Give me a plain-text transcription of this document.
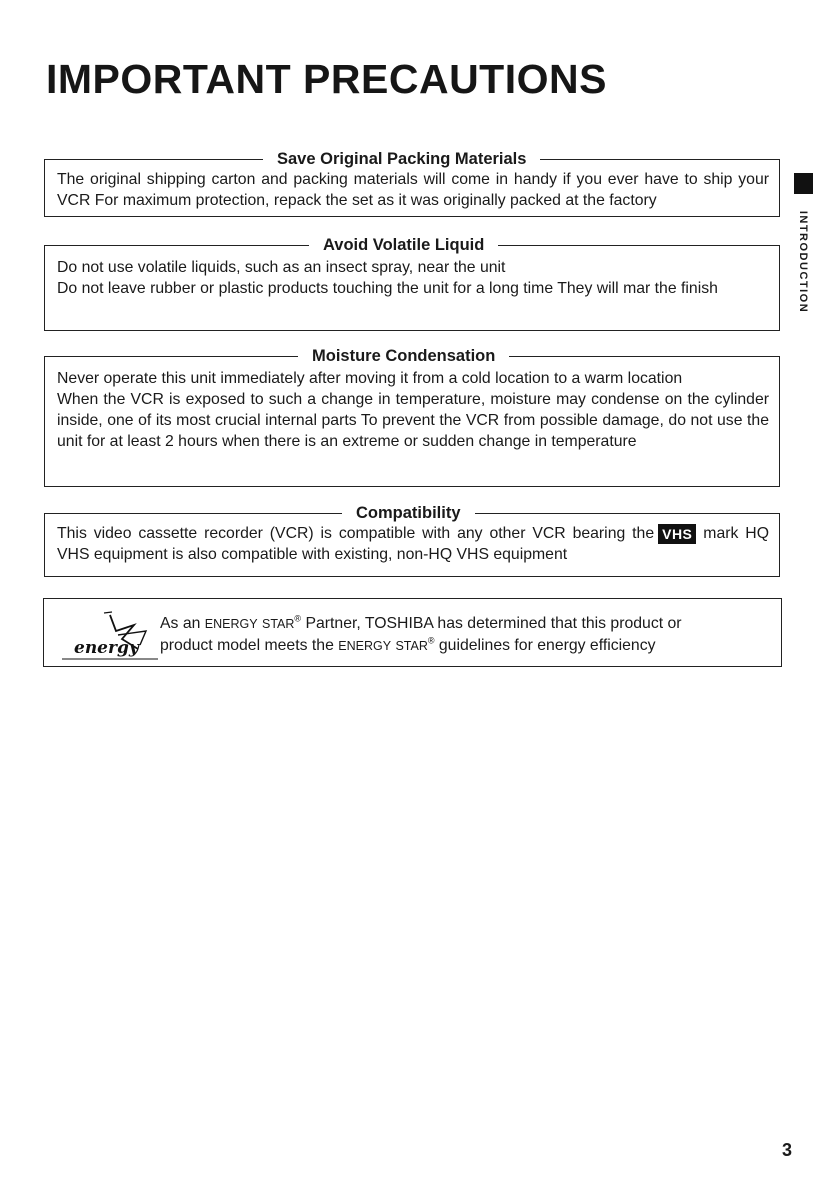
IMPORTANT PRECAUTIONS
Save Original Packing Materials

The original shipping carton and packing materials will come in handy if you ever have to ship your VCR For maximum protection, repack the set as it was originally packed at the factory

Avoid Volatile Liquid

Do not use volatile liquids, such as an insect spray, near the unit

Do not leave rubber or plastic products touching the unit for a long time They will mar the finish

Moisture Condensation

Never operate this unit immediately after moving it from a cold location to a warm location

When the VCR is exposed to such a change in temperature, moisture may condense on the cylinder inside, one of its most crucial internal parts To prevent the VCR from possible damage, do not use the unit for at least 2 hours when there is an extreme or sudden change in temperature

Compatibility

This video cassette recorder (VCR) is compatible with any other VCR bearing the VHS mark HQ VHS equipment is also compatible with existing, non-HQ VHS equipment

energy

As an ENERGY STAR® Partner, TOSHIBA has determined that this product or

product model meets the ENERGY STAR® guidelines for energy efficiency

INTRODUCTION
3
